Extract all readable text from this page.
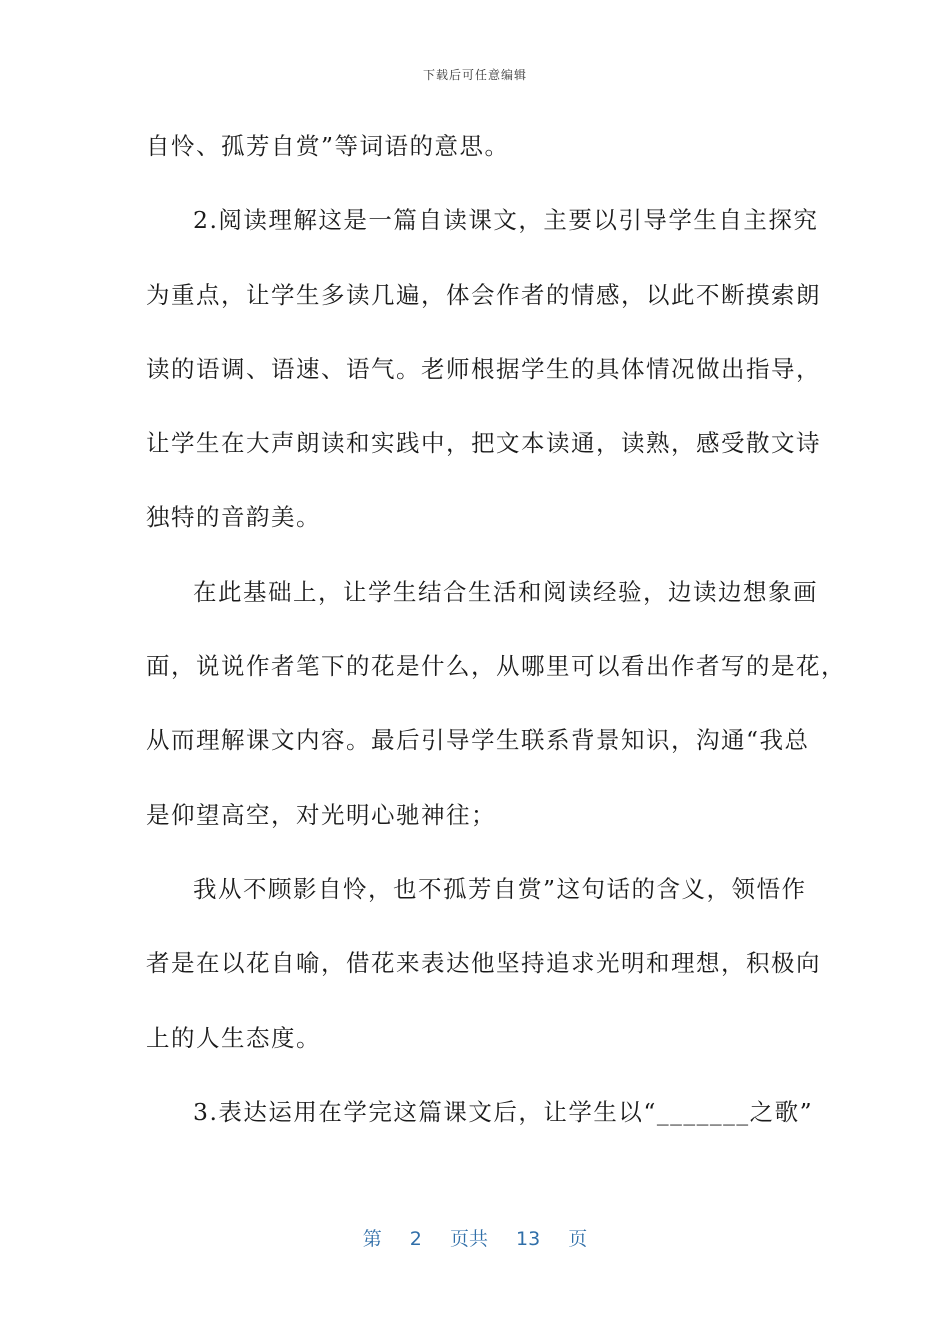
下载后可任意编辑
自怜、孤芳自赏”等词语的意思。
2.阅读理解这是一篇自读课文，主要以引导学生自主探究
为重点，让学生多读几遍，体会作者的情感，以此不断摸索朗
读的语调、语速、语气。老师根据学生的具体情况做出指导，
让学生在大声朗读和实践中，把文本读通，读熟，感受散文诗
独特的音韵美。
在此基础上，让学生结合生活和阅读经验，边读边想象画
面，说说作者笔下的花是什么，从哪里可以看出作者写的是花，
从而理解课文内容。最后引导学生联系背景知识，沟通“我总
是仰望高空，对光明心驰神往；
我从不顾影自怜，也不孤芳自赏”这句话的含义，领悟作
者是在以花自喻，借花来表达他坚持追求光明和理想，积极向
上的人生态度。
3.表达运用在学完这篇课文后，让学生以“_______之歌”
第 2 页共 13 页
